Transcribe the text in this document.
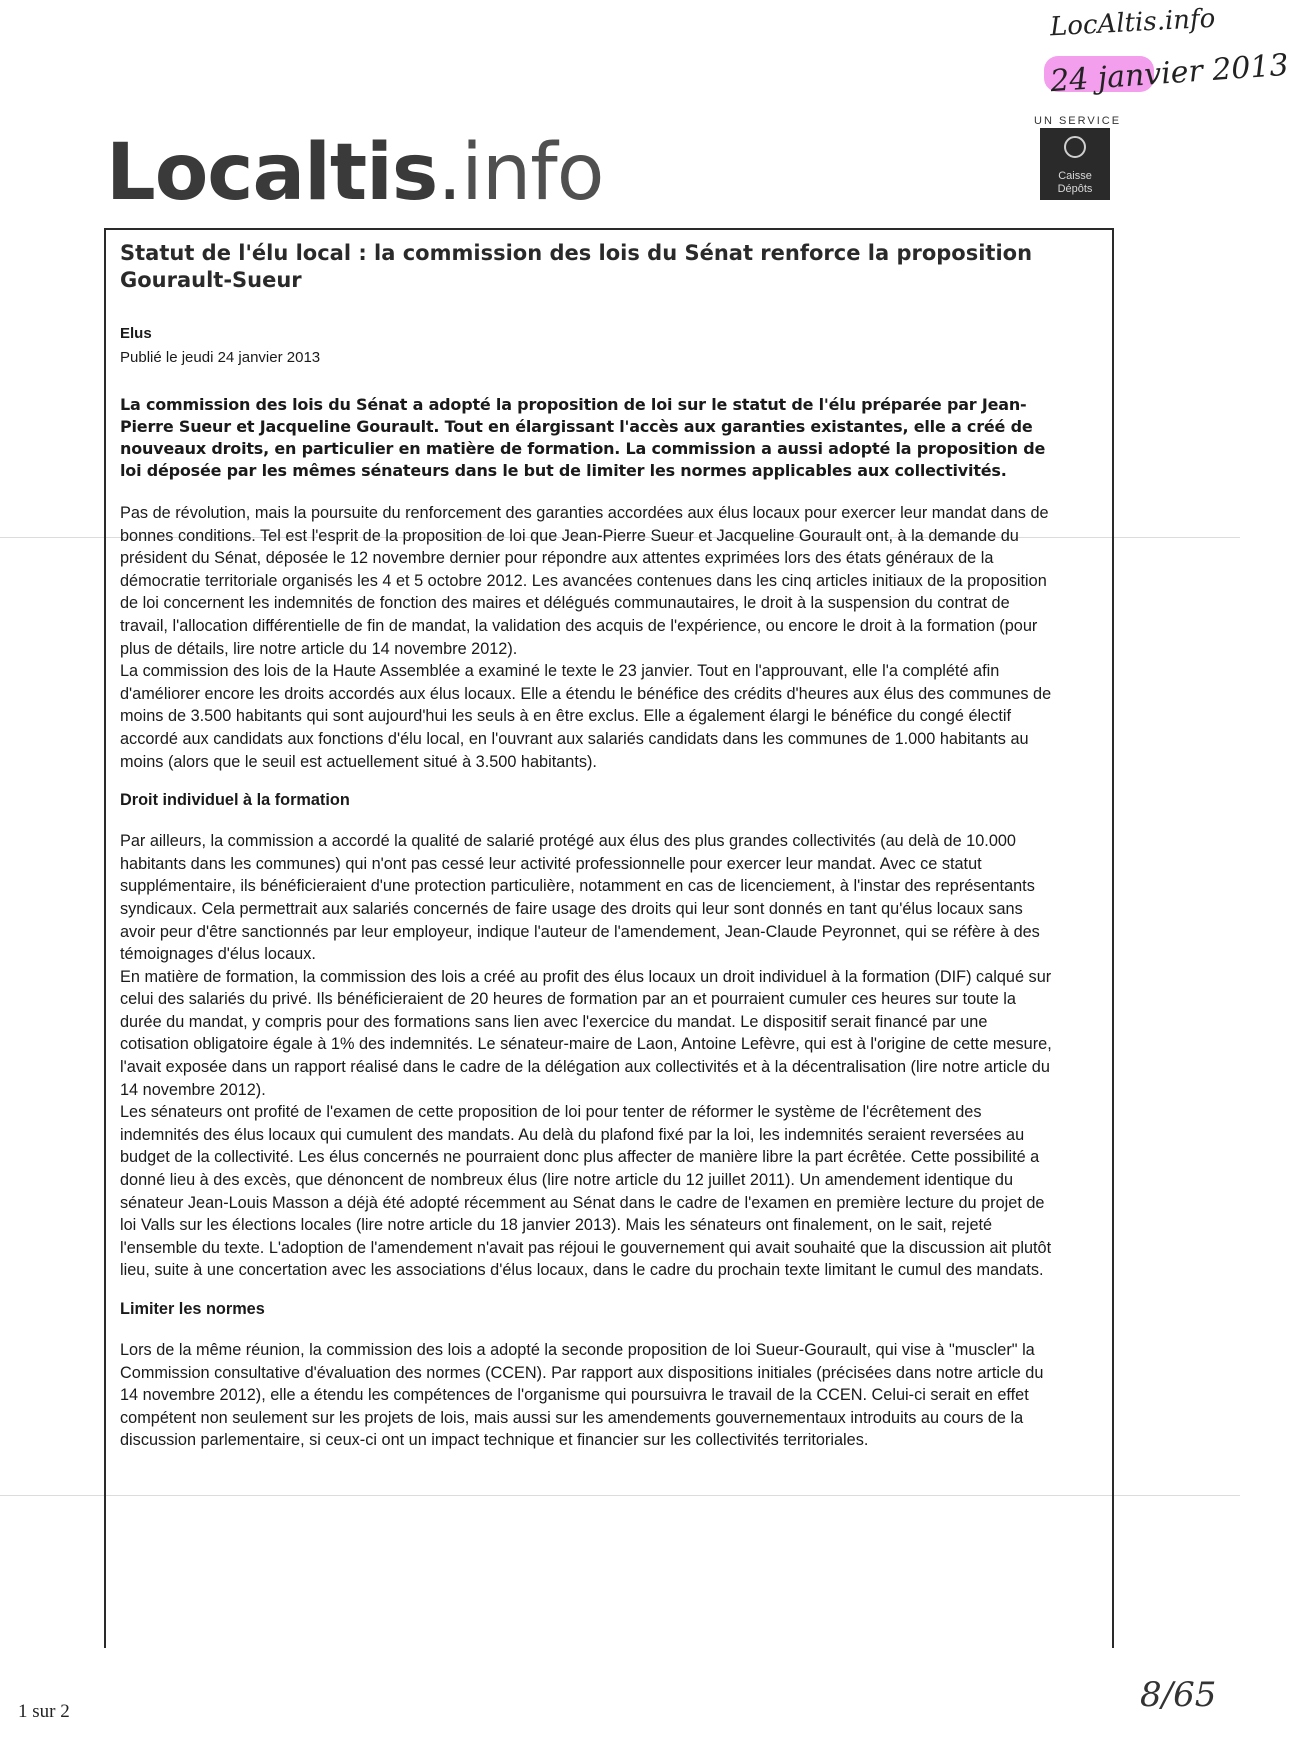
LocAltis.info
24 janvier 2013
Localtis.info
UN SERVICE
Caisse
Dépôts
Statut de l'élu local : la commission des lois du Sénat renforce la proposition Gourault-Sueur

Elus

Publié le jeudi 24 janvier 2013

La commission des lois du Sénat a adopté la proposition de loi sur le statut de l'élu préparée par Jean-Pierre Sueur et Jacqueline Gourault. Tout en élargissant l'accès aux garanties existantes, elle a créé de nouveaux droits, en particulier en matière de formation. La commission a aussi adopté la proposition de loi déposée par les mêmes sénateurs dans le but de limiter les normes applicables aux collectivités.

Pas de révolution, mais la poursuite du renforcement des garanties accordées aux élus locaux pour exercer leur mandat dans de bonnes conditions. Tel est l'esprit de la proposition de loi que Jean-Pierre Sueur et Jacqueline Gourault ont, à la demande du président du Sénat, déposée le 12 novembre dernier pour répondre aux attentes exprimées lors des états généraux de la démocratie territoriale organisés les 4 et 5 octobre 2012. Les avancées contenues dans les cinq articles initiaux de la proposition de loi concernent les indemnités de fonction des maires et délégués communautaires, le droit à la suspension du contrat de travail, l'allocation différentielle de fin de mandat, la validation des acquis de l'expérience, ou encore le droit à la formation (pour plus de détails, lire notre article du 14 novembre 2012).

La commission des lois de la Haute Assemblée a examiné le texte le 23 janvier. Tout en l'approuvant, elle l'a complété afin d'améliorer encore les droits accordés aux élus locaux. Elle a étendu le bénéfice des crédits d'heures aux élus des communes de moins de 3.500 habitants qui sont aujourd'hui les seuls à en être exclus. Elle a également élargi le bénéfice du congé électif accordé aux candidats aux fonctions d'élu local, en l'ouvrant aux salariés candidats dans les communes de 1.000 habitants au moins (alors que le seuil est actuellement situé à 3.500 habitants).

Droit individuel à la formation

Par ailleurs, la commission a accordé la qualité de salarié protégé aux élus des plus grandes collectivités (au delà de 10.000 habitants dans les communes) qui n'ont pas cessé leur activité professionnelle pour exercer leur mandat. Avec ce statut supplémentaire, ils bénéficieraient d'une protection particulière, notamment en cas de licenciement, à l'instar des représentants syndicaux. Cela permettrait aux salariés concernés de faire usage des droits qui leur sont donnés en tant qu'élus locaux sans avoir peur d'être sanctionnés par leur employeur, indique l'auteur de l'amendement, Jean-Claude Peyronnet, qui se réfère à des témoignages d'élus locaux.

En matière de formation, la commission des lois a créé au profit des élus locaux un droit individuel à la formation (DIF) calqué sur celui des salariés du privé. Ils bénéficieraient de 20 heures de formation par an et pourraient cumuler ces heures sur toute la durée du mandat, y compris pour des formations sans lien avec l'exercice du mandat. Le dispositif serait financé par une cotisation obligatoire égale à 1% des indemnités. Le sénateur-maire de Laon, Antoine Lefèvre, qui est à l'origine de cette mesure, l'avait exposée dans un rapport réalisé dans le cadre de la délégation aux collectivités et à la décentralisation (lire notre article du 14 novembre 2012).

Les sénateurs ont profité de l'examen de cette proposition de loi pour tenter de réformer le système de l'écrêtement des indemnités des élus locaux qui cumulent des mandats. Au delà du plafond fixé par la loi, les indemnités seraient reversées au budget de la collectivité. Les élus concernés ne pourraient donc plus affecter de manière libre la part écrêtée. Cette possibilité a donné lieu à des excès, que dénoncent de nombreux élus (lire notre article du 12 juillet 2011). Un amendement identique du sénateur Jean-Louis Masson a déjà été adopté récemment au Sénat dans le cadre de l'examen en première lecture du projet de loi Valls sur les élections locales (lire notre article du 18 janvier 2013). Mais les sénateurs ont finalement, on le sait, rejeté l'ensemble du texte. L'adoption de l'amendement n'avait pas réjoui le gouvernement qui avait souhaité que la discussion ait plutôt lieu, suite à une concertation avec les associations d'élus locaux, dans le cadre du prochain texte limitant le cumul des mandats.

Limiter les normes

Lors de la même réunion, la commission des lois a adopté la seconde proposition de loi Sueur-Gourault, qui vise à "muscler" la Commission consultative d'évaluation des normes (CCEN). Par rapport aux dispositions initiales (précisées dans notre article du 14 novembre 2012), elle a étendu les compétences de l'organisme qui poursuivra le travail de la CCEN. Celui-ci serait en effet compétent non seulement sur les projets de lois, mais aussi sur les amendements gouvernementaux introduits au cours de la discussion parlementaire, si ceux-ci ont un impact technique et financier sur les collectivités territoriales.

1 sur 2	8/65
